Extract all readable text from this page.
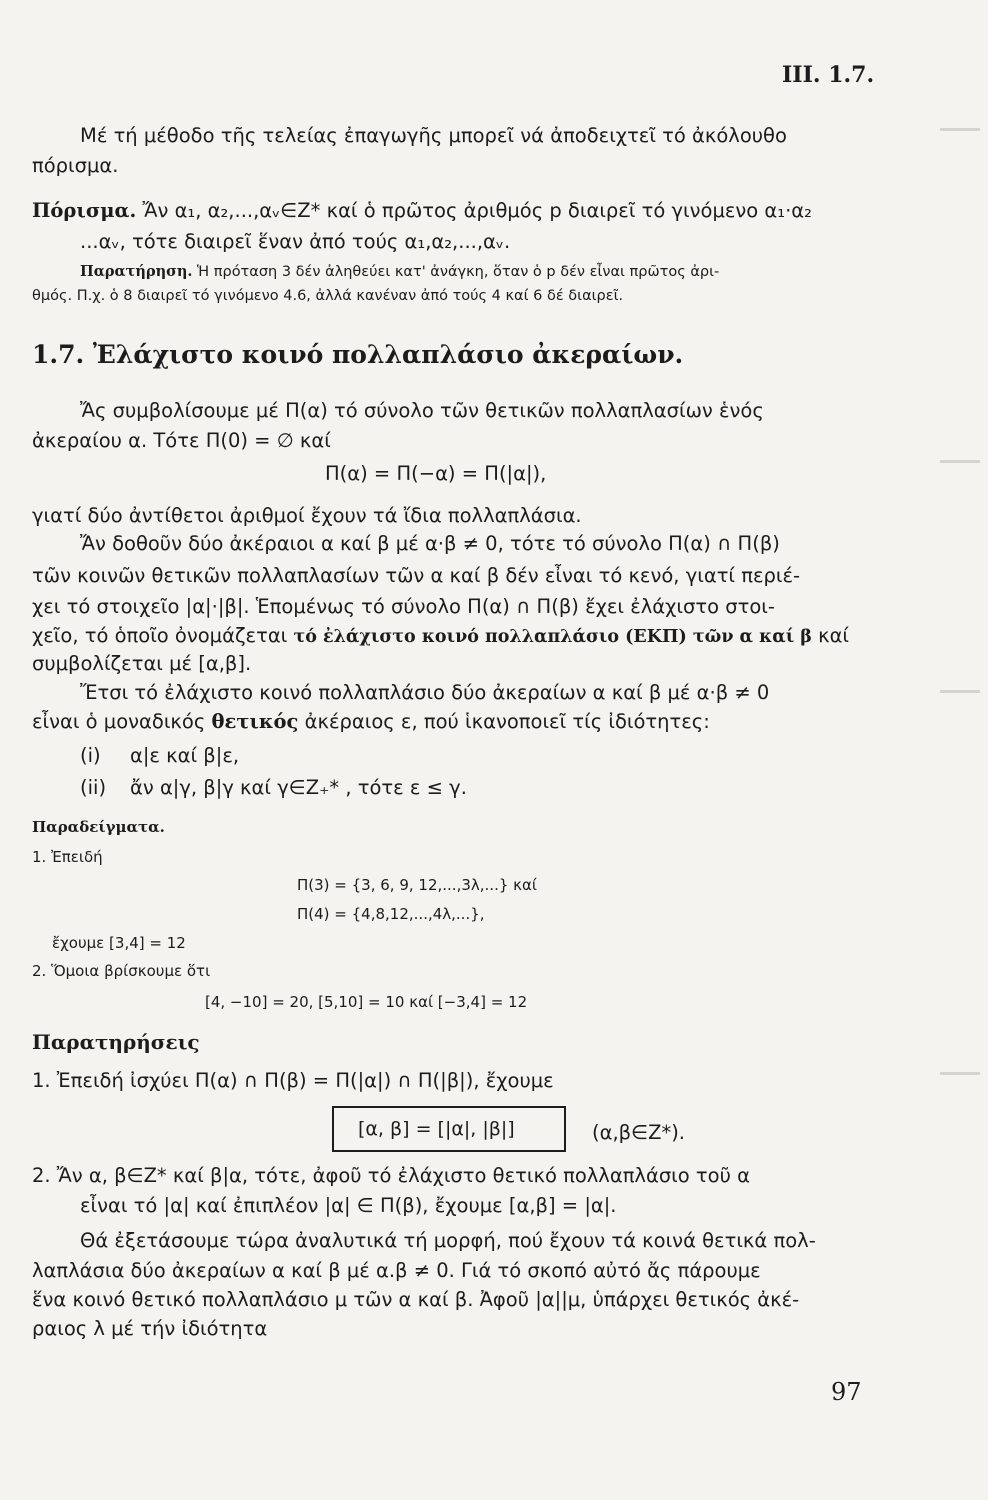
ΙΙΙ. 1.7.
Μέ τή μέθοδο τῆς τελείας ἐπαγωγῆς μπορεῖ νά ἀποδειχτεῖ τό ἀκόλουθο
πόρισμα.
Πόρισμα. Ἄν α₁, α₂,...,αᵥ∈Z* καί ὁ πρῶτος ἀριθμός p διαιρεῖ τό γινόμενο α₁·α₂
...αᵥ, τότε διαιρεῖ ἕναν ἀπό τούς α₁,α₂,...,αᵥ.
Παρατήρηση. Ἡ πρόταση 3 δέν ἀληθεύει κατ' ἀνάγκη, ὅταν ὁ p δέν εἶναι πρῶτος ἀρι-
θμός. Π.χ. ὁ 8 διαιρεῖ τό γινόμενο 4.6, ἀλλά κανέναν ἀπό τούς 4 καί 6 δέ διαιρεῖ.
1.7. Ἐλάχιστο κοινό πολλαπλάσιο ἀκεραίων.
Ἄς συμβολίσουμε μέ Π(α) τό σύνολο τῶν θετικῶν πολλαπλασίων ἑνός
ἀκεραίου α. Τότε Π(0) = ∅ καί
Π(α) = Π(−α) = Π(|α|),
γιατί δύο ἀντίθετοι ἀριθμοί ἔχουν τά ἴδια πολλαπλάσια.
Ἄν δοθοῦν δύο ἀκέραιοι α καί β μέ α·β ≠ 0, τότε τό σύνολο Π(α) ∩ Π(β)
τῶν κοινῶν θετικῶν πολλαπλασίων τῶν α καί β δέν εἶναι τό κενό, γιατί περιέ-
χει τό στοιχεῖο |α|·|β|. Ἑπομένως τό σύνολο Π(α) ∩ Π(β) ἔχει ἐλάχιστο στοι-
χεῖο, τό ὁποῖο ὀνομάζεται τό ἐλάχιστο κοινό πολλαπλάσιο (ΕΚΠ) τῶν α καί β καί
συμβολίζεται μέ [α,β].
Ἔτσι τό ἐλάχιστο κοινό πολλαπλάσιο δύο ἀκεραίων α καί β μέ α·β ≠ 0
εἶναι ὁ μοναδικός θετικός ἀκέραιος ε, πού ἱκανοποιεῖ τίς ἰδιότητες:
(i) α|ε καί β|ε,
(ii) ἄν α|γ, β|γ καί γ∈Z₊* , τότε ε ≤ γ.
Παραδείγματα.
1. Ἐπειδή
Π(3) = {3, 6, 9, 12,...,3λ,...} καί
Π(4) = {4,8,12,...,4λ,...},
ἔχουμε [3,4] = 12
2. Ὅμοια βρίσκουμε ὅτι
[4, −10] = 20, [5,10] = 10 καί [−3,4] = 12
Παρατηρήσεις
1. Ἐπειδή ἰσχύει Π(α) ∩ Π(β) = Π(|α|) ∩ Π(|β|), ἔχουμε
[α, β] = [|α|, |β|]	(α,β∈Z*).
2. Ἄν α, β∈Z* καί β|α, τότε, ἀφοῦ τό ἐλάχιστο θετικό πολλαπλάσιο τοῦ α
εἶναι τό |α| καί ἐπιπλέον |α| ∈ Π(β), ἔχουμε [α,β] = |α|.
Θά ἐξετάσουμε τώρα ἀναλυτικά τή μορφή, πού ἔχουν τά κοινά θετικά πολ-
λαπλάσια δύο ἀκεραίων α καί β μέ α.β ≠ 0. Γιά τό σκοπό αὐτό ἄς πάρουμε
ἕνα κοινό θετικό πολλαπλάσιο μ τῶν α καί β. Ἀφοῦ |α||μ, ὑπάρχει θετικός ἀκέ-
ραιος λ μέ τήν ἰδιότητα
97
